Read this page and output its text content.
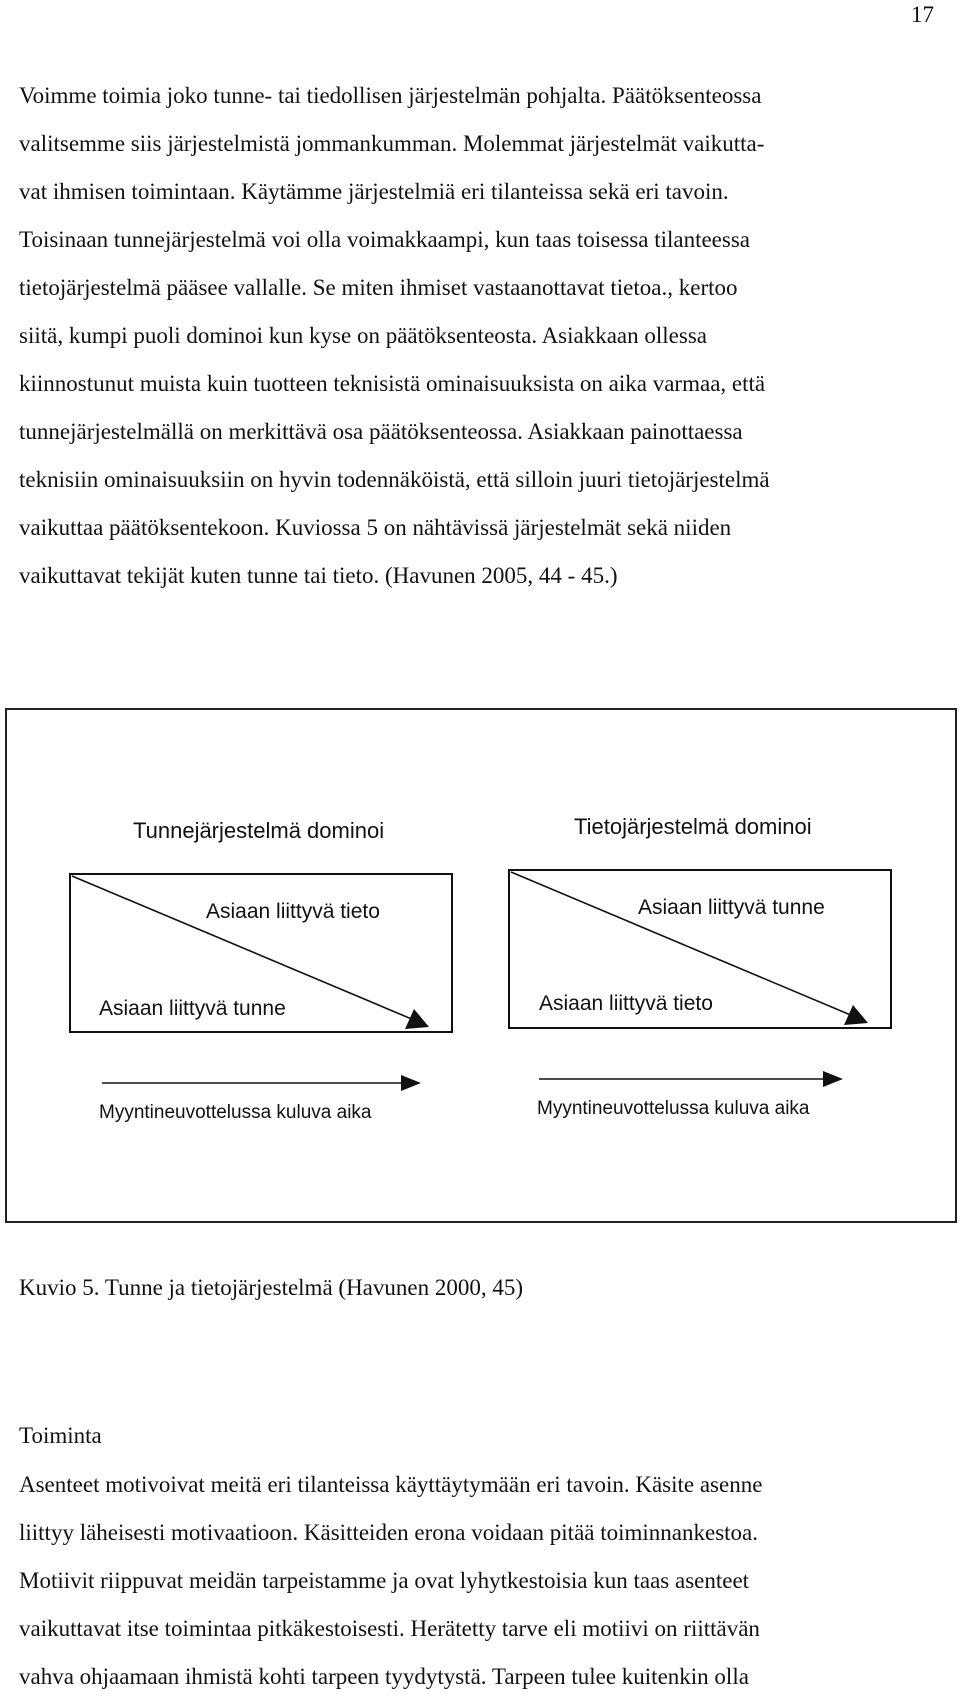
17
Voimme toimia joko tunne- tai tiedollisen järjestelmän pohjalta. Päätöksenteossa
valitsemme siis järjestelmistä jommankumman. Molemmat järjestelmät vaikutta-
vat ihmisen toimintaan. Käytämme järjestelmiä eri tilanteissa sekä eri tavoin.
Toisinaan tunnejärjestelmä voi olla voimakkaampi, kun taas toisessa tilanteessa
tietojärjestelmä pääsee vallalle. Se miten ihmiset vastaanottavat tietoa., kertoo
siitä, kumpi puoli dominoi kun kyse on päätöksenteosta. Asiakkaan ollessa
kiinnostunut muista kuin tuotteen teknisistä ominaisuuksista on aika varmaa, että
tunnejärjestelmällä on merkittävä osa päätöksenteossa. Asiakkaan painottaessa
teknisiin ominaisuuksiin on hyvin todennäköistä, että silloin juuri tietojärjestelmä
vaikuttaa päätöksentekoon. Kuviossa 5 on nähtävissä järjestelmät sekä niiden
vaikuttavat tekijät kuten tunne tai tieto. (Havunen 2005, 44 - 45.)
Tunnejärjestelmä dominoi
Asiaan liittyvä tieto
Asiaan liittyvä tunne
Myyntineuvottelussa kuluva aika
Tietojärjestelmä dominoi
Asiaan liittyvä tunne
Asiaan liittyvä tieto
Myyntineuvottelussa kuluva aika
Kuvio 5. Tunne ja tietojärjestelmä (Havunen 2000, 45)
Toiminta
Asenteet motivoivat meitä eri tilanteissa käyttäytymään eri tavoin. Käsite asenne
liittyy läheisesti motivaatioon. Käsitteiden erona voidaan pitää toiminnankestoa.
Motiivit riippuvat meidän tarpeistamme ja ovat lyhytkestoisia kun taas asenteet
vaikuttavat itse toimintaa pitkäkestoisesti. Herätetty tarve eli motiivi on riittävän
vahva ohjaamaan ihmistä kohti tarpeen tyydytystä. Tarpeen tulee kuitenkin olla
